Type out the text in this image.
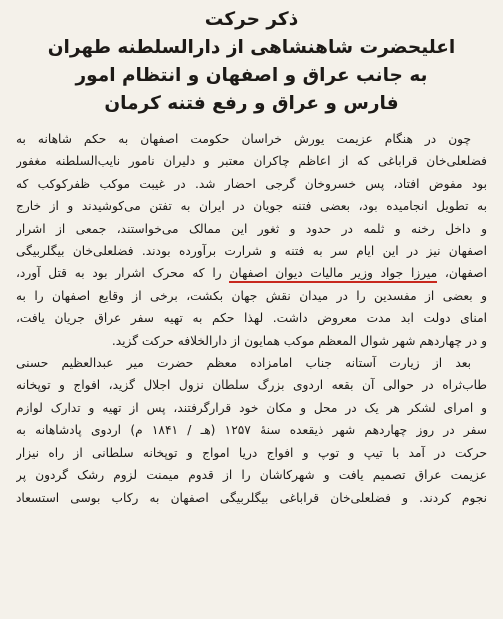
ذکر حرکت
اعلیحضرت شاهنشاهی از دارالسلطنه طهران
به جانب عراق و اصفهان و انتظام امور
فارس و عراق و رفع فتنه کرمان
چون در هنگام عزیمت یورش خراسان حکومت اصفهان به حکم شاهانه به
فضلعلی‌خان قراباغی که از اعاظم چاکران معتبر و دلیران نامور نایب‌السلطنه مغفور
بود مفوض افتاد، پس خسروخان گرجی احضار شد. در غیبت موکب ظفرکوکب که
به تطویل انجامیده بود، بعضی فتنه جویان در ایران به تفتن می‌کوشیدند و از خارج
و داخل رخنه و ثلمه در حدود و ثغور این ممالک می‌خواستند، جمعی از اشرار
اصفهان نیز در این ایام سر به فتنه و شرارت برآورده بودند. فضلعلی‌خان بیگلربیگی
اصفهان، میرزا جواد وزیر مالیات دیوان اصفهان را که محرک اشرار بود به قتل آورد،
و بعضی از مفسدین را در میدان نقش جهان بکشت، برخی از وقایع اصفهان را به
امنای دولت ابد مدت معروض داشت. لهذا حکم به تهیه سفر عراق جریان یافت،
و در چهاردهم شهر شوال المعظم موکب همایون از دارالخلافه حرکت گزید.
بعد از زیارت آستانه جناب امامزاده معظم حضرت میر عبدالعظیم حسنی
طاب‌ثراه در حوالی آن بقعه اردوی بزرگ سلطان نزول اجلال گزید، افواج و توپخانه
و امرای لشکر هر یک در محل و مکان خود قرارگرفتند، پس از تهیه و تدارک لوازم
سفر در روز چهاردهم شهر ذیقعده سنهٔ ۱۲۵۷ (هـ / ۱۸۴۱ م) اردوی پادشاهانه به
حرکت در آمد با تیپ و توپ و افواج دریا امواج و توپخانه سلطانی از راه نیزار
عزیمت عراق تصمیم یافت و شهرکاشان را از قدوم میمنت لزوم رشک گردون پر
نجوم کردند. و فضلعلی‌خان قراباغی بیگلربیگی اصفهان به رکاب بوسی استسعاد
